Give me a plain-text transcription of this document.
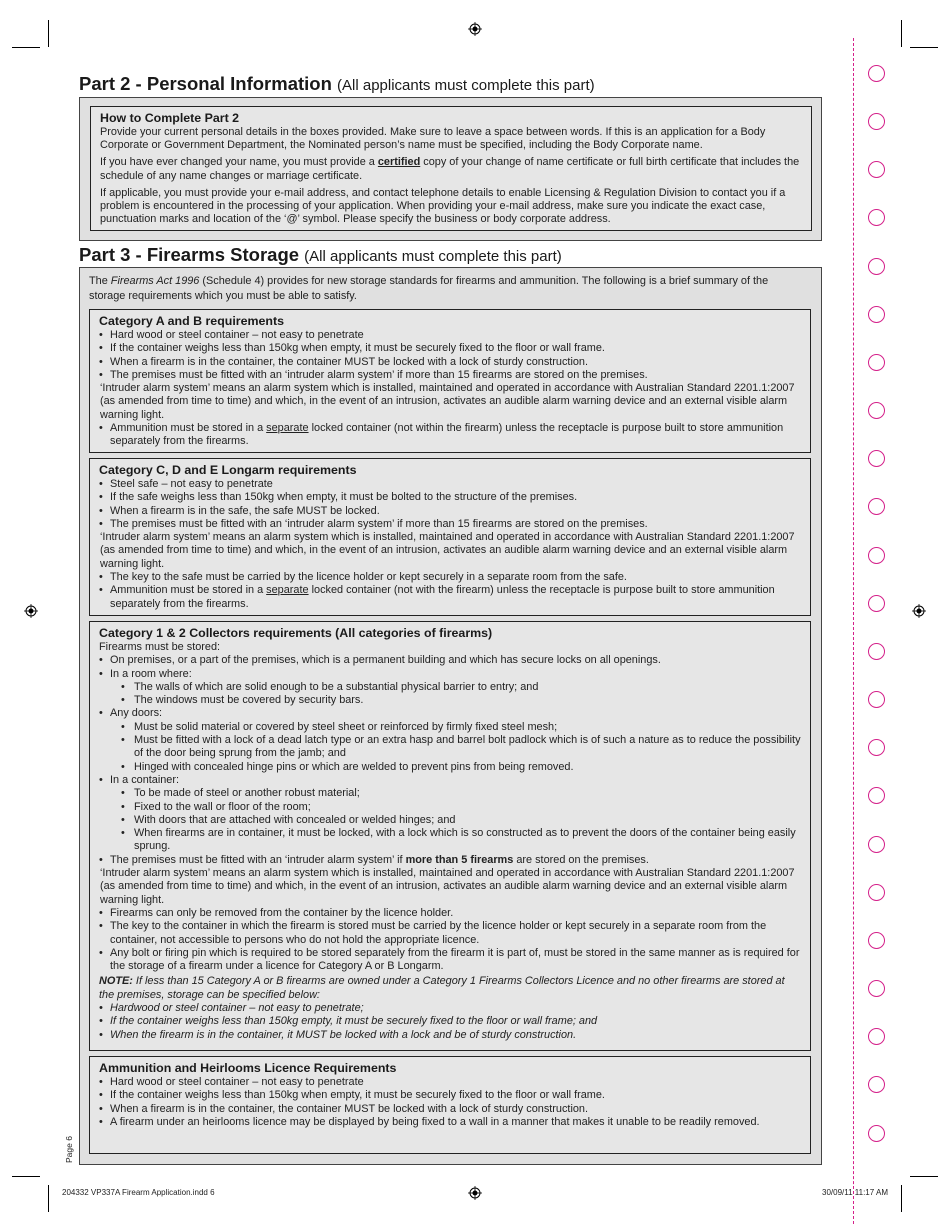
Part 2 - Personal Information (All applicants must complete this part)
How to Complete Part 2

Provide your current personal details in the boxes provided. Make sure to leave a space between words. If this is an application for a Body Corporate or Government Department, the Nominated person’s name must be specified, including the Body Corporate name.

If you have ever changed your name, you must provide a certified copy of your change of name certificate or full birth certificate that includes the schedule of any name changes or marriage certificate.

If applicable, you must provide your e-mail address, and contact telephone details to enable Licensing & Regulation Division to contact you if a problem is encountered in the processing of your application. When providing your e-mail address, make sure you indicate the exact case, punctuation marks and location of the ‘@’ symbol. Please specify the business or body corporate address.

Part 3 - Firearms Storage (All applicants must complete this part)

The Firearms Act 1996 (Schedule 4) provides for new storage standards for firearms and ammunition. The following is a brief summary of the storage requirements which you must be able to satisfy.

Category A and B requirements
• Hard wood or steel container – not easy to penetrate
• If the container weighs less than 150kg when empty, it must be securely fixed to the floor or wall frame.
• When a firearm is in the container, the container MUST be locked with a lock of sturdy construction.
• The premises must be fitted with an ‘intruder alarm system’ if more than 15 firearms are stored on the premises.
‘Intruder alarm system’ means an alarm system which is installed, maintained and operated in accordance with Australian Standard 2201.1:2007 (as amended from time to time) and which, in the event of an intrusion, activates an audible alarm warning device and an external visible alarm warning light.
• Ammunition must be stored in a separate locked container (not within the firearm) unless the receptacle is purpose built to store ammunition separately from the firearms.
Category C, D and E Longarm requirements
• Steel safe – not easy to penetrate
• If the safe weighs less than 150kg when empty, it must be bolted to the structure of the premises.
• When a firearm is in the safe, the safe MUST be locked.
• The premises must be fitted with an ‘intruder alarm system’ if more than 15 firearms are stored on the premises.
‘Intruder alarm system’ means an alarm system which is installed, maintained and operated in accordance with Australian Standard 2201.1:2007 (as amended from time to time) and which, in the event of an intrusion, activates an audible alarm warning device and an external visible alarm warning light.
• The key to the safe must be carried by the licence holder or kept securely in a separate room from the safe.
• Ammunition must be stored in a separate locked container (not with the firearm) unless the receptacle is purpose built to store ammunition separately from the firearms.
Category 1 & 2 Collectors requirements (All categories of firearms)
Firearms must be stored:
• On premises, or a part of the premises, which is a permanent building and which has secure locks on all openings.
• In a room where:
• The walls of which are solid enough to be a substantial physical barrier to entry; and
• The windows must be covered by security bars.
• Any doors:
• Must be solid material or covered by steel sheet or reinforced by firmly fixed steel mesh;
• Must be fitted with a lock of a dead latch type or an extra hasp and barrel bolt padlock which is of such a nature as to reduce the possibility of the door being sprung from the jamb; and
• Hinged with concealed hinge pins or which are welded to prevent pins from being removed.
• In a container:
• To be made of steel or another robust material;
• Fixed to the wall or floor of the room;
• With doors that are attached with concealed or welded hinges; and
• When firearms are in container, it must be locked, with a lock which is so constructed as to prevent the doors of the container being easily sprung.
• The premises must be fitted with an ‘intruder alarm system’ if more than 5 firearms are stored on the premises.
‘Intruder alarm system’ means an alarm system which is installed, maintained and operated in accordance with Australian Standard 2201.1:2007 (as amended from time to time) and which, in the event of an intrusion, activates an audible alarm warning device and an external visible alarm warning light.
• Firearms can only be removed from the container by the licence holder.
• The key to the container in which the firearm is stored must be carried by the licence holder or kept securely in a separate room from the container, not accessible to persons who do not hold the appropriate licence.
• Any bolt or firing pin which is required to be stored separately from the firearm it is part of, must be stored in the same manner as is required for the storage of a firearm under a licence for Category A or B Longarm.
NOTE: If less than 15 Category A or B firearms are owned under a Category 1 Firearms Collectors Licence and no other firearms are stored at the premises, storage can be specified below:
• Hardwood or steel container – not easy to penetrate;
• If the container weighs less than 150kg empty, it must be securely fixed to the floor or wall frame; and
• When the firearm is in the container, it MUST be locked with a lock and be of sturdy construction.
Ammunition and Heirlooms Licence Requirements
• Hard wood or steel container – not easy to penetrate
• If the container weighs less than 150kg when empty, it must be securely fixed to the floor or wall frame.
• When a firearm is in the container, the container MUST be locked with a lock of sturdy construction.
• A firearm under an heirlooms licence may be displayed by being fixed to a wall in a manner that makes it unable to be readily removed.
Page 6
204332 VP337A Firearm Application.indd 6	30/09/11 11:17 AM
